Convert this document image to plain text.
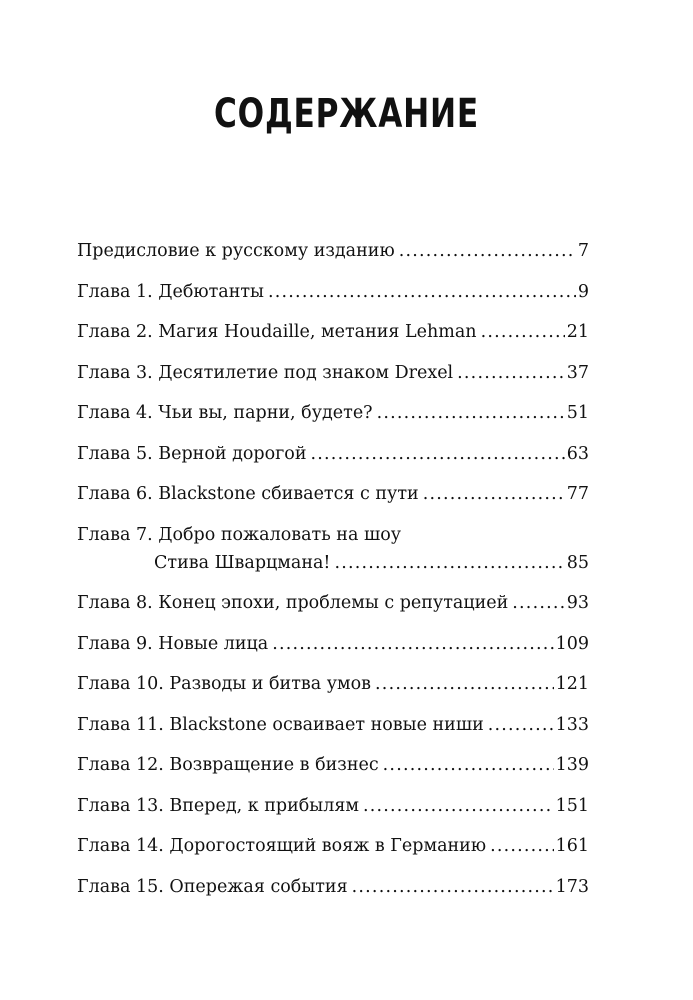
СОДЕРЖАНИЕ
Предисловие к русскому изданию .....	7
Глава 1. Дебютанты .....	9
Глава 2. Магия Houdaille, метания Lehman .....	21
Глава 3. Десятилетие под знаком Drexel .....	37
Глава 4. Чьи вы, парни, будете? .....	51
Глава 5. Верной дорогой .....	63
Глава 6. Blackstone сбивается с пути .....	77
Глава 7. Добро пожаловать на шоу
Стива Шварцмана! .....	85
Глава 8. Конец эпохи, проблемы с репутацией .....	93
Глава 9. Новые лица .....	109
Глава 10. Разводы и битва умов .....	121
Глава 11. Blackstone осваивает новые ниши .....	133
Глава 12. Возвращение в бизнес .....	139
Глава 13. Вперед, к прибылям .....	151
Глава 14. Дорогостоящий вояж в Германию .....	161
Глава 15. Опережая события .....	173
